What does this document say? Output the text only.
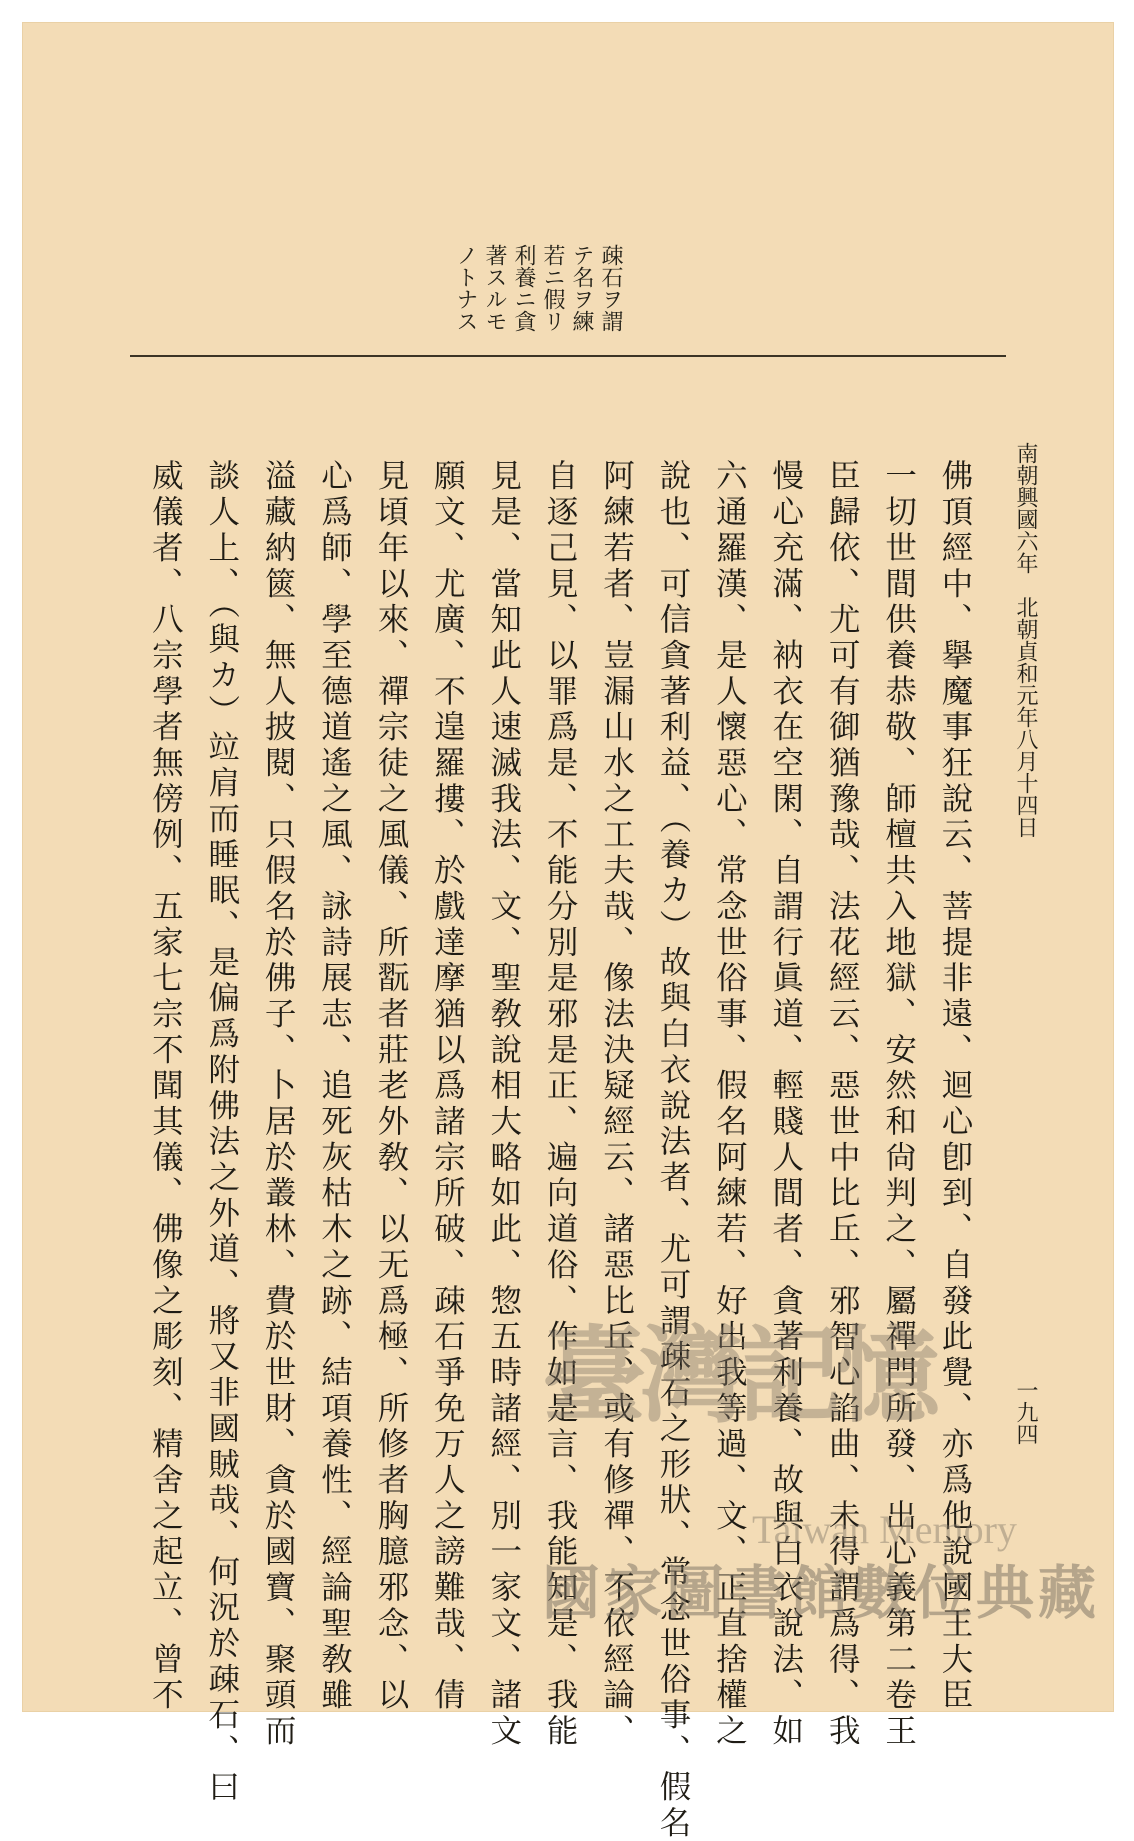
南朝興國六年　北朝貞和元年八月十四日
一九四
疎石ヲ謂
テ名ヲ練
若ニ假リ
利養ニ貪
著スルモ
ノトナス
佛頂經中、擧魔事狂說云、菩提非遠、迴心卽到、自發此覺、亦爲他說國王大臣
一切世間供養恭敬、師檀共入地獄、安然和尙判之、屬禪門所發、出心義第二卷王
臣歸依、尤可有御猶豫哉、法花經云、惡世中比丘、邪智心諂曲、未得謂爲得、我
慢心充滿、衲衣在空閑、自謂行眞道、輕賤人間者、貪著利養、故與白衣說法、如
六通羅漢、是人懷惡心、常念世俗事、假名阿練若、好出我等過、文、正直捨權之
說也、可信貪著利益、（養カ）故與白衣說法者、尤可謂疎石之形狀、常念世俗事、假名
阿練若者、豈漏山水之工夫哉、像法決疑經云、諸惡比丘、或有修禪、不依經論、
自逐己見、以罪爲是、不能分別是邪是正、遍向道俗、作如是言、我能知是、我能
見是、當知此人速滅我法、文、聖敎說相大略如此、惣五時諸經、別一家文、諸文
願文、尤廣、不遑羅摟、於戲達摩猶以爲諸宗所破、疎石爭免万人之謗難哉、倩
見頃年以來、禪宗徒之風儀、所翫者莊老外敎、以无爲極、所修者胸臆邪念、以
心爲師、學至德道遙之風、詠詩展志、追死灰枯木之跡、結項養性、經論聖敎雖
溢藏納篋、無人披閱、只假名於佛子、卜居於叢林、費於世財、貪於國寶、聚頭而
談人上、（與カ）竝肩而睡眠、是偏爲附佛法之外道、將又非國賊哉、何況於疎石、曰
威儀者、八宗學者無傍例、五家七宗不聞其儀、佛像之彫刻、精舍之起立、曾不	臺灣記憶
Taiwan Memory
國家圖書館數位典藏
